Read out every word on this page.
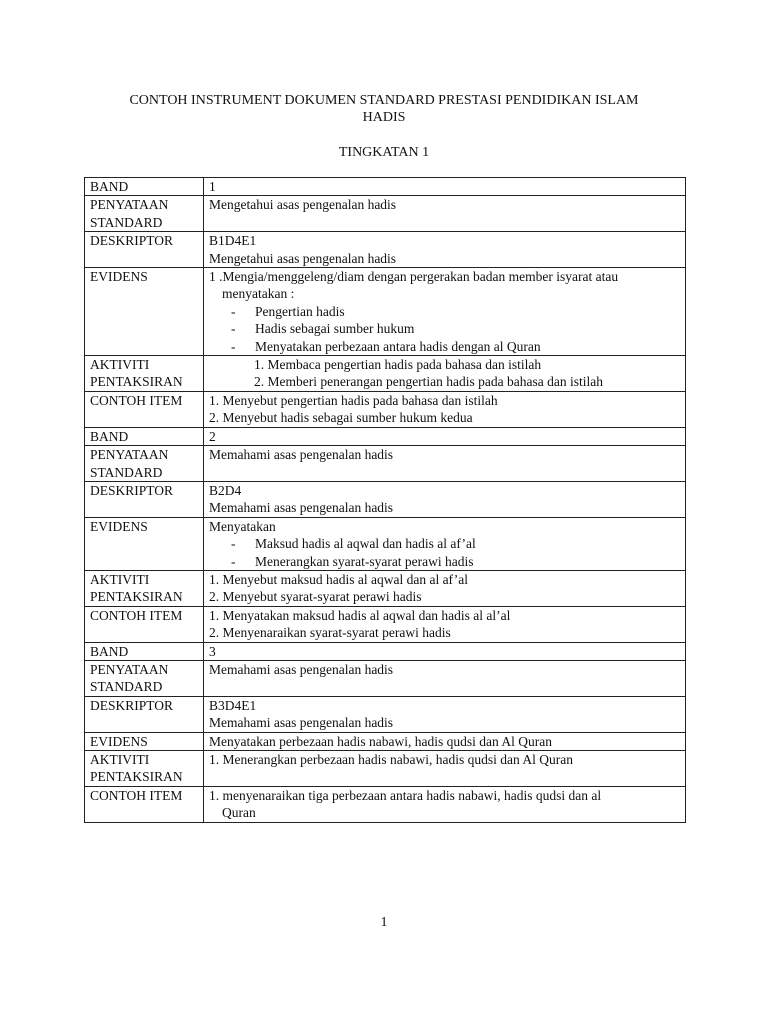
CONTOH INSTRUMENT DOKUMEN STANDARD PRESTASI PENDIDIKAN ISLAM
HADIS
TINGKATAN 1
BAND	1
PENYATAAN
STANDARD	Mengetahui asas pengenalan hadis
DESKRIPTOR	B1D4E1
Mengetahui asas pengenalan hadis
EVIDENS	1 .Mengia/menggeleng/diam dengan pergerakan badan member isyarat atau
menyatakan :
- Pengertian hadis
- Hadis sebagai sumber hukum
- Menyatakan perbezaan antara hadis dengan al Quran

AKTIVITI
PENTAKSIRAN	1. Membaca pengertian hadis pada bahasa dan istilah
2. Memberi penerangan pengertian hadis pada bahasa dan istilah

CONTOH ITEM	1. Menyebut pengertian hadis pada bahasa dan istilah
2. Menyebut hadis sebagai sumber hukum kedua
BAND	2
PENYATAAN
STANDARD	Memahami asas pengenalan hadis
DESKRIPTOR	B2D4
Memahami asas pengenalan hadis
EVIDENS	Menyatakan
- Maksud hadis al aqwal dan hadis al af’al
- Menerangkan syarat-syarat perawi hadis

AKTIVITI
PENTAKSIRAN	1. Menyebut maksud hadis al aqwal dan al af’al
2. Menyebut syarat-syarat perawi hadis
CONTOH ITEM	1. Menyatakan maksud hadis al aqwal dan hadis al al’al
2. Menyenaraikan syarat-syarat perawi hadis
BAND	3
PENYATAAN
STANDARD	Memahami asas pengenalan hadis
DESKRIPTOR	B3D4E1
Memahami asas pengenalan hadis
EVIDENS	Menyatakan perbezaan hadis nabawi, hadis qudsi dan Al Quran
AKTIVITI
PENTAKSIRAN	1. Menerangkan perbezaan hadis nabawi, hadis qudsi dan Al Quran
CONTOH ITEM	1. menyenaraikan tiga perbezaan antara hadis nabawi, hadis qudsi dan al
Quran
1
